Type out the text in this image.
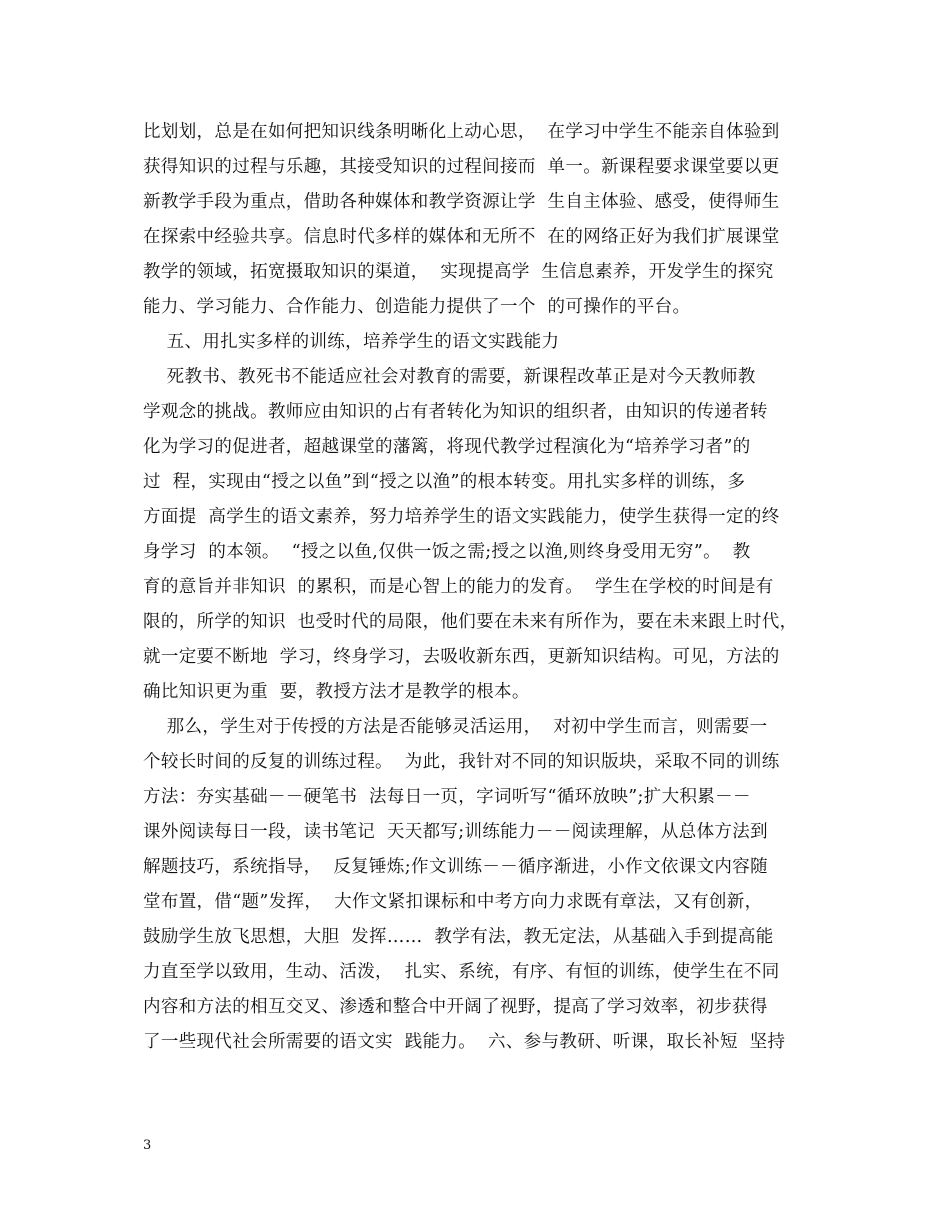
比划划，总是在如何把知识线条明晰化上动心思，  在学习中学生不能亲自体验到
获得知识的过程与乐趣，其接受知识的过程间接而  单一。新课程要求课堂要以更
新教学手段为重点，借助各种媒体和教学资源让学  生自主体验、感受，使得师生
在探索中经验共享。信息时代多样的媒体和无所不  在的网络正好为我们扩展课堂
教学的领域，拓宽摄取知识的渠道，  实现提高学  生信息素养，开发学生的探究
能力、学习能力、合作能力、创造能力提供了一个  的可操作的平台。
五、用扎实多样的训练，培养学生的语文实践能力
死教书、教死书不能适应社会对教育的需要，新课程改革正是对今天教师教
学观念的挑战。教师应由知识的占有者转化为知识的组织者，由知识的传递者转
化为学习的促进者，超越课堂的藩篱，将现代教学过程演化为“培养学习者”的
过  程，实现由“授之以鱼”到“授之以渔”的根本转变。用扎实多样的训练，多
方面提  高学生的语文素养，努力培养学生的语文实践能力，使学生获得一定的终
身学习  的本领。  “授之以鱼,仅供一饭之需;授之以渔,则终身受用无穷”。  教
育的意旨并非知识  的累积，而是心智上的能力的发育。  学生在学校的时间是有
限的，所学的知识  也受时代的局限，他们要在未来有所作为，要在未来跟上时代，
就一定要不断地  学习，终身学习，去吸收新东西，更新知识结构。可见，方法的
确比知识更为重  要，教授方法才是教学的根本。
那么，学生对于传授的方法是否能够灵活运用，  对初中学生而言，则需要一
个较长时间的反复的训练过程。  为此，我针对不同的知识版块，采取不同的训练
方法：夯实基础－－硬笔书  法每日一页，字词听写“循环放映”;扩大积累－－
课外阅读每日一段，读书笔记  天天都写;训练能力－－阅读理解，从总体方法到
解题技巧，系统指导，  反复锤炼;作文训练－－循序渐进，小作文依课文内容随
堂布置，借“题”发挥，  大作文紧扣课标和中考方向力求既有章法，又有创新，
鼓励学生放飞思想，大胆  发挥……  教学有法，教无定法，从基础入手到提高能
力直至学以致用，生动、活泼，  扎实、系统，有序、有恒的训练，使学生在不同
内容和方法的相互交叉、渗透和整合中开阔了视野，提高了学习效率，初步获得
了一些现代社会所需要的语文实  践能力。  六、参与教研、听课，取长补短  坚持
3
